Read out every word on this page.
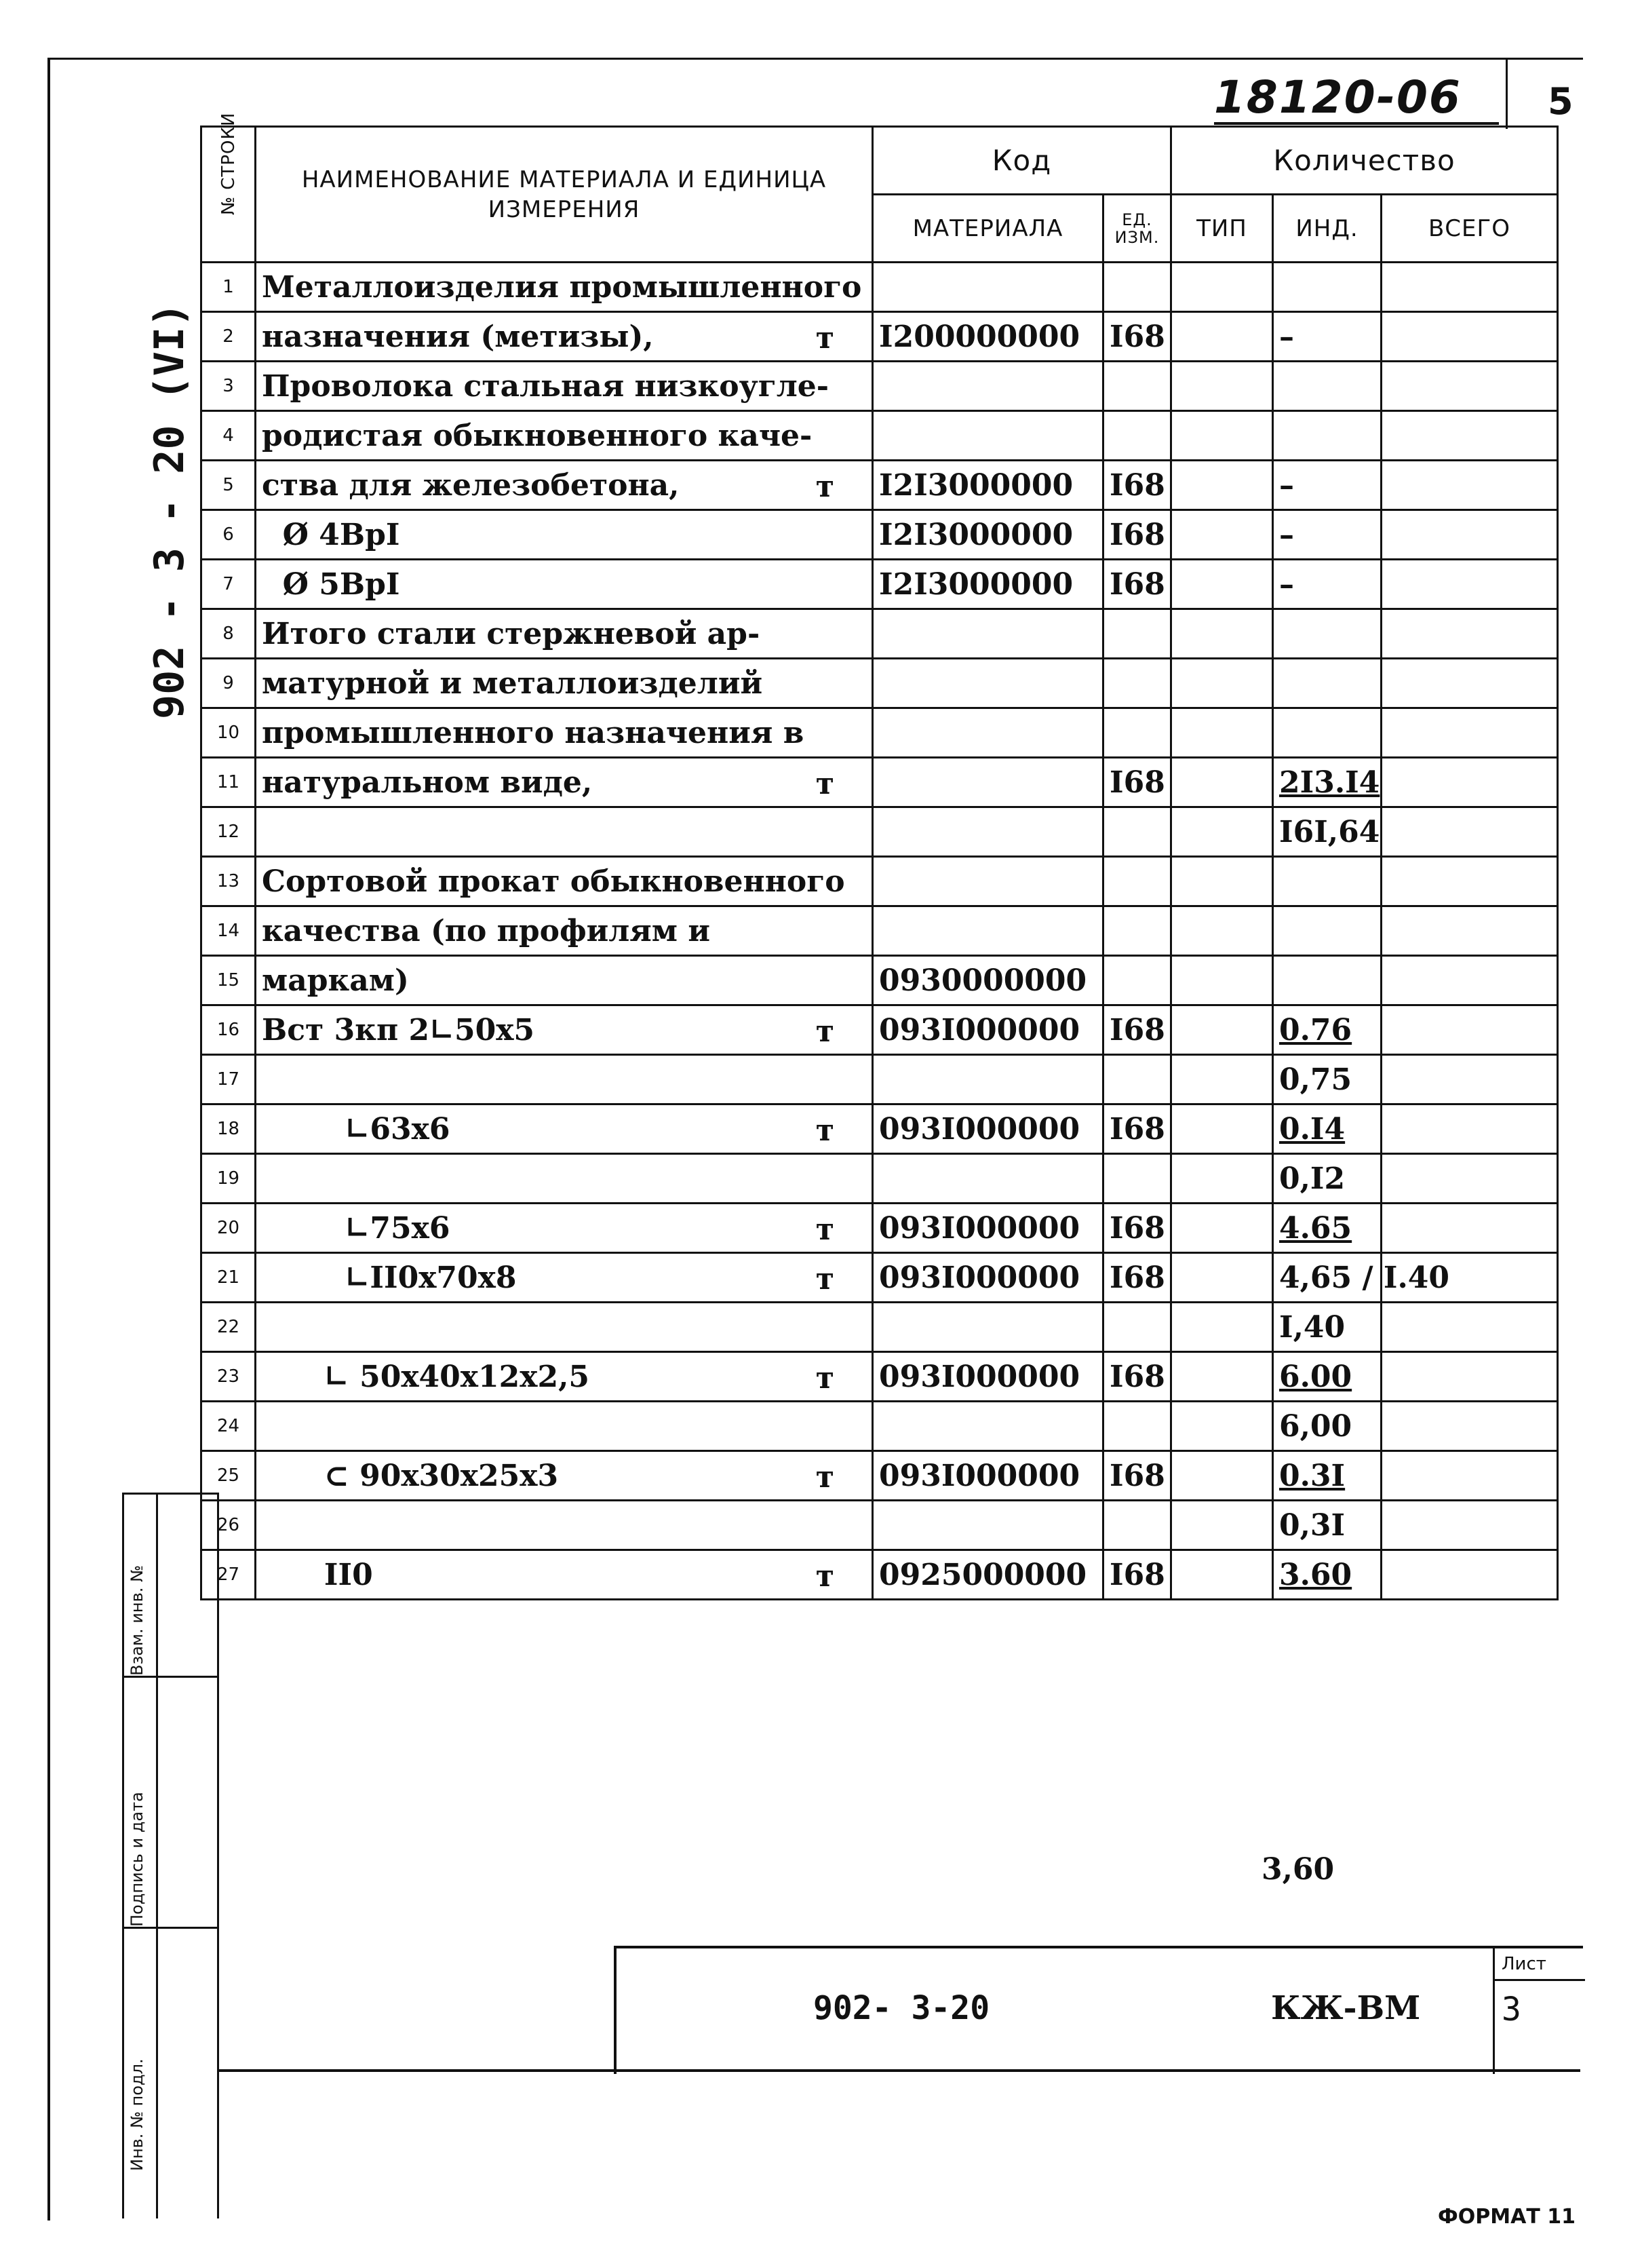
5
18120-06
902 - 3 - 20 (VI)
№ СТРОКИ	НАИМЕНОВАНИЕ МАТЕРИАЛА И ЕДИНИЦА ИЗМЕРЕНИЯ	Код		Количество		
		МАТЕРИАЛА	ЕД. ИЗМ.	ТИП	ИНД.	ВСЕГО
1	Металлоизделия промышленного

2	назначения (метизы), т	I200000000	I68		–	
3	Проволока стальная низкоугле-

4	родистая обыкновенного каче-

5	ства для железобетона, т	I2I3000000	I68		–	
6	Ø 4ВрI	I2I3000000	I68		–	
7	Ø 5ВрI	I2I3000000	I68		–	
8	Итого стали стержневой ар-

9	матурной и металлоизделий

10	промышленного назначения в

11	натуральном виде, т		I68		2I3.I4	
12					I6I,64	
13	Сортовой прокат обыкновенного

14	качества (по профилям и

15	маркам)	0930000000				
16	Вст 3кп 2∟50х5 т	093I000000	I68		0.76	
17					0,75	
18	∟63х6 т	093I000000	I68		0.I4	
19					0,I2	
20	∟75х6 т	093I000000	I68		4.65	
21	∟II0х70х8 т	093I000000	I68		4,65 / I.40	
22					I,40	
23	∟ 50х40х12х2,5 т	093I000000	I68		6.00	
24					6,00	
25	⊂ 90х30х25х3 т	093I000000	I68		0.3I	
26					0,3I	
27	ΙI0 т	0925000000	I68		3.60	
3,60
Взам. инв. №
Подпись и дата
Инв. № подл.
902- 3-20	КЖ-ВМ
Лист
3
ФОРМАТ 11
